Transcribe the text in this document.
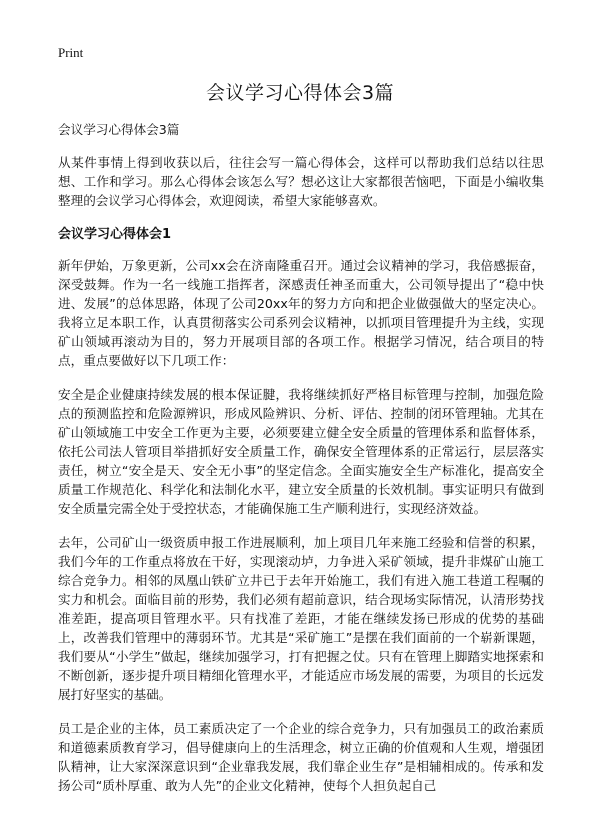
Print
会议学习心得体会3篇

会议学习心得体会3篇

从某件事情上得到收获以后，往往会写一篇心得体会，这样可以帮助我们总结以往思想、工作和学习。那么心得体会该怎么写？想必这让大家都很苦恼吧，下面是小编收集整理的会议学习心得体会，欢迎阅读，希望大家能够喜欢。

会议学习心得体会1

新年伊始，万象更新，公司xx会在济南隆重召开。通过会议精神的学习，我倍感振奋，深受鼓舞。作为一名一线施工指挥者，深感责任神圣而重大，公司领导提出了“稳中快进、发展”的总体思路，体现了公司20xx年的努力方向和把企业做强做大的坚定决心。我将立足本职工作，认真贯彻落实公司系列会议精神，以抓项目管理提升为主线，实现矿山领域再滚动为目的，努力开展项目部的各项工作。根据学习情况，结合项目的特点，重点要做好以下几项工作：

安全是企业健康持续发展的根本保证腱，我将继续抓好严格目标管理与控制，加强危险点的预测监控和危险源辨识，形成风险辨识、分析、评估、控制的闭环管理轴。尤其在矿山领域施工中安全工作更为主要，必须要建立健全安全质量的管理体系和监督体系，依托公司法人管项目举措抓好安全质量工作，确保安全管理体系的正常运行，层层落实责任，树立“安全是天、安全无小事”的坚定信念。全面实施安全生产标准化，提高安全质量工作规范化、科学化和法制化水平，建立安全质量的长效机制。事实证明只有做到安全质量完需全处于受控状态，才能确保施工生产顺利进行，实现经济效益。

去年，公司矿山一级资质申报工作进展顺利，加上项目几年来施工经验和信誉的积累，我们今年的工作重点将放在干好，实现滚动垆，力争进入采矿领域，提升非煤矿山施工综合竞争力。相邻的凤凰山铁矿立井已于去年开始施工，我们有进入施工巷道工程嘱的实力和机会。面临目前的形势，我们必须有超前意识，结合现场实际情况，认清形势找准差距，提高项目管理水平。只有找准了差距，才能在继续发扬已形成的优势的基础上，改善我们管理中的薄弱环节。尤其是“采矿施工”是摆在我们面前的一个崭新课题，我们要从“小学生”做起，继续加强学习，打有把握之仗。只有在管理上脚踏实地探索和不断创新，逐步提升项目精细化管理水平，才能适应市场发展的需要，为项目的长远发展打好坚实的基础。

员工是企业的主体，员工素质决定了一个企业的综合竞争力，只有加强员工的政治素质和道德素质教育学习，倡导健康向上的生活理念，树立正确的价值观和人生观，增强团队精神，让大家深深意识到“企业靠我发展，我们靠企业生存”是相辅相成的。传承和发扬公司“质朴厚重、敢为人先”的企业文化精神，使每个人担负起自己
